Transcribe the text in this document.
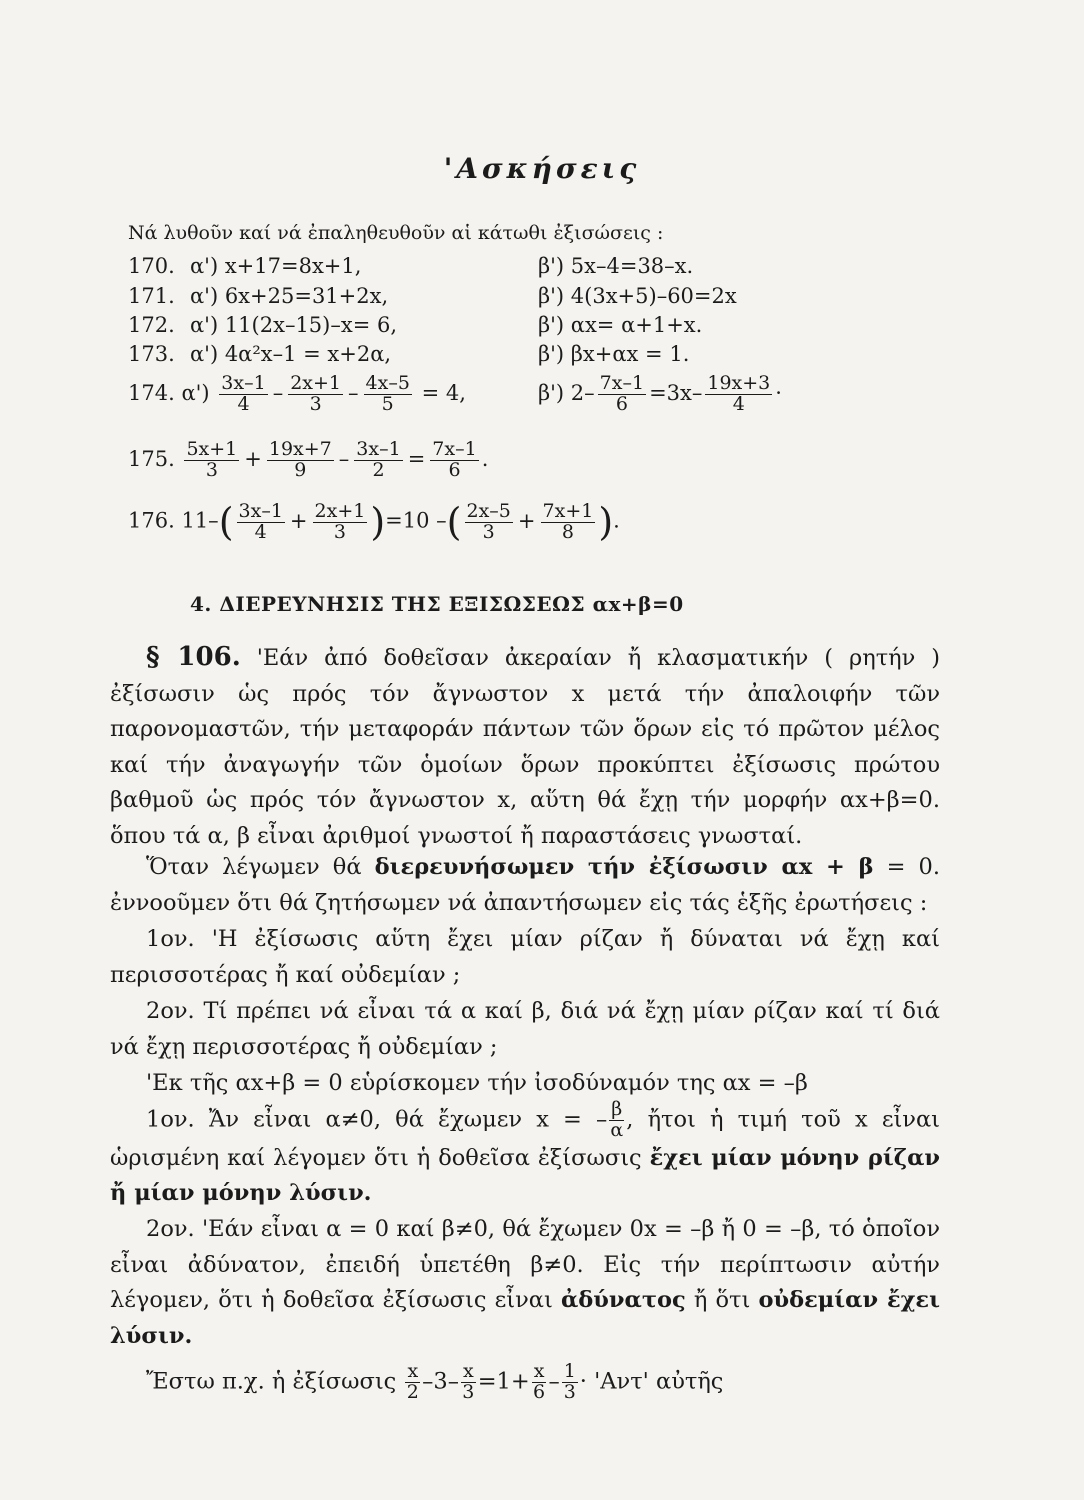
'Ασκήσεις
Νά λυθοῦν καί νά ἐπαληθευθοῦν αἱ κάτωθι ἐξισώσεις :
170. α') x+17=8x+1,	β') 5x–4=38–x.
171. α') 6x+25=31+2x,	β') 4(3x+5)–60=2x
172. α') 11(2x–15)–x= 6,	β') αx= α+1+x.
173. α') 4α²x–1 = x+2α,	β') βx+αx = 1.
174. $\alpha') \frac{3x-1}{4} - \frac{2x+1}{3} - \frac{4x-5}{5} = 4$,	β') $2- \frac{7x-1}{6} =3x- \frac{19x+3}{4}$ ·
175. $\frac{5x+1}{3} + \frac{19x+7}{9} - \frac{3x-1}{2} = \frac{7x-1}{6}$ .
176. $11-( \frac{3x-1}{4} + \frac{2x+1}{3} )=10$ –( $\frac{2x-5}{3} + \frac{7x+1}{8}$ ).
4. ΔΙΕΡΕΥΝΗΣΙΣ ΤΗΣ ΕΞΙΣΩΣΕΩΣ αx+β=0
§ 106. 'Εάν ἀπό δοθεῖσαν ἀκεραίαν ἤ κλασματικήν ( ρητήν ) ἐξίσωσιν ὡς πρός τόν ἄγνωστον x μετά τήν ἀπαλοιφήν τῶν παρονομαστῶν, τήν μεταφοράν πάντων τῶν ὅρων εἰς τό πρῶτον μέλος καί τήν ἀναγωγήν τῶν ὁμοίων ὅρων προκύπτει ἐξίσωσις πρώτου βαθμοῦ ὡς πρός τόν ἄγνωστον x, αὕτη θά ἔχῃ τήν μορφήν αx+β=0. ὅπου τά α, β εἶναι ἀριθμοί γνωστοί ἤ παραστάσεις γνωσταί.
Ὅταν λέγωμεν θά διερευνήσωμεν τήν ἐξίσωσιν αx + β = 0. ἐννοοῦμεν ὅτι θά ζητήσωμεν νά ἀπαντήσωμεν εἰς τάς ἑξῆς ἐρωτήσεις :
1ον. 'Η ἐξίσωσις αὕτη ἔχει μίαν ρίζαν ἤ δύναται νά ἔχῃ καί περισσοτέρας ἤ καί οὐδεμίαν ;
2ον. Τί πρέπει νά εἶναι τά α καί β, διά νά ἔχῃ μίαν ρίζαν καί τί διά νά ἔχῃ περισσοτέρας ἤ οὐδεμίαν ;
'Εκ τῆς αx+β = 0 εὑρίσκομεν τήν ἰσοδύναμόν της αx = –β
1ον. Ἄν εἶναι α≠0, θά ἔχωμεν x = – $\frac{\beta}{\alpha}$ , ἤτοι ἡ τιμή τοῦ x εἶναι ὡρισμένη καί λέγομεν ὅτι ἡ δοθεῖσα ἐξίσωσις ἔχει μίαν μόνην ρίζαν ἤ μίαν μόνην λύσιν.
2ον. 'Εάν εἶναι α = 0 καί β≠0, θά ἔχωμεν 0x = –β ἤ 0 = –β, τό ὁποῖον εἶναι ἀδύνατον, ἐπειδή ὑπετέθη β≠0. Εἰς τήν περίπτωσιν αὐτήν λέγομεν, ὅτι ἡ δοθεῖσα ἐξίσωσις εἶναι ἀδύνατος ἤ ὅτι οὐδεμίαν ἔχει λύσιν.
Ἔστω π.χ. ἡ ἐξίσωσις $\frac{x}{2} -3- \frac{x}{3} =1+ \frac{x}{6} - \frac{1}{3}$ · 'Αντ' αὐτῆς
